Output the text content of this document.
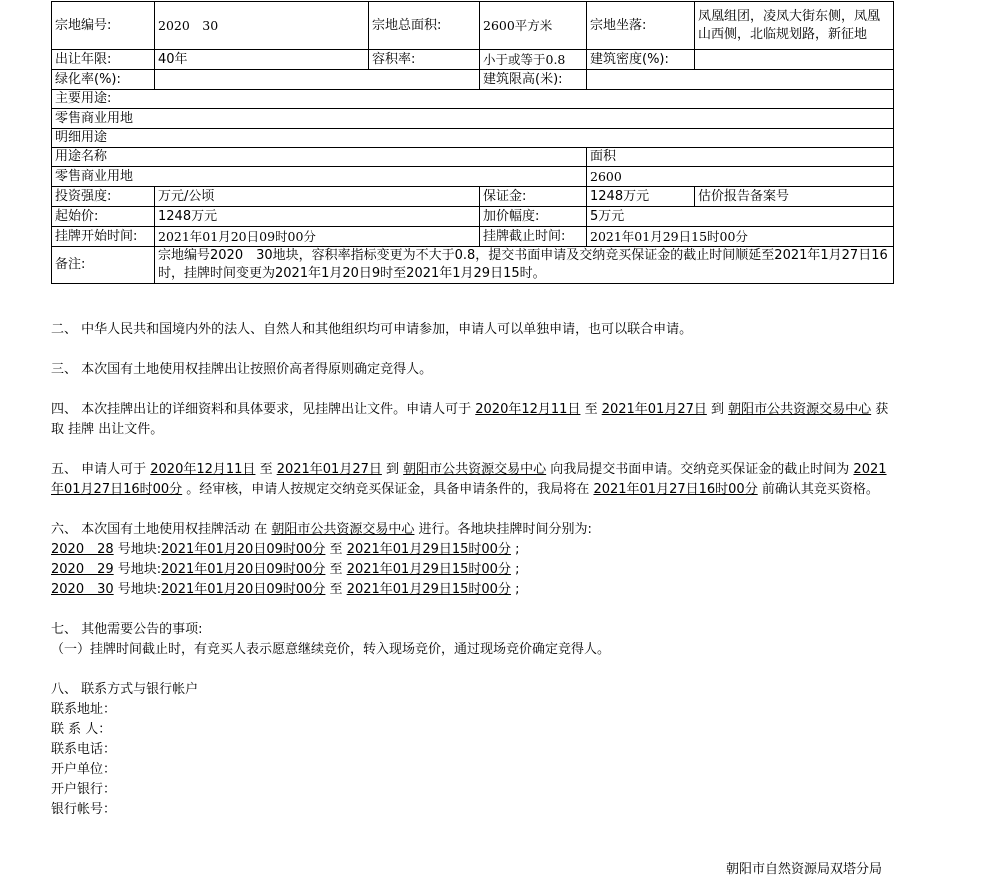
宗地编号:	2020　30	宗地总面积:	2600平方米	宗地坐落:	凤凰组团，凌凤大街东侧，凤凰山西侧，北临规划路，新征地
出让年限:	40年	容积率:	小于或等于0.8	建筑密度(%):	
绿化率(%):			建筑限高(米):		
主要用途:					
零售商业用地					
明细用途					
用途名称				面积	
零售商业用地				2600	
投资强度:	万元/公顷		保证金:	1248万元	估价报告备案号
起始价:	1248万元		加价幅度:	5万元	
挂牌开始时间:	2021年01月20日09时00分		挂牌截止时间:	2021年01月29日15时00分	
备注:	宗地编号2020　30地块，容积率指标变更为不大于0.8，提交书面申请及交纳竞买保证金的截止时间顺延至2021年1月27日16时，挂牌时间变更为2021年1月20日9时至2021年1月29日15时。				

二、 中华人民共和国境内外的法人、自然人和其他组织均可申请参加，申请人可以单独申请，也可以联合申请。

三、 本次国有土地使用权挂牌出让按照价高者得原则确定竞得人。

四、 本次挂牌出让的详细资料和具体要求，见挂牌出让文件。申请人可于 2020年12月11日 至 2021年01月27日 到 朝阳市公共资源交易中心 获取 挂牌 出让文件。

五、 申请人可于 2020年12月11日 至 2021年01月27日 到 朝阳市公共资源交易中心 向我局提交书面申请。交纳竞买保证金的截止时间为 2021年01月27日16时00分 。经审核，申请人按规定交纳竞买保证金，具备申请条件的，我局将在 2021年01月27日16时00分 前确认其竞买资格。

六、 本次国有土地使用权挂牌活动 在 朝阳市公共资源交易中心 进行。各地块挂牌时间分别为:

2020　28 号地块:2021年01月20日09时00分 至 2021年01月29日15时00分 ;

2020　29 号地块:2021年01月20日09时00分 至 2021年01月29日15时00分 ;

2020　30 号地块:2021年01月20日09时00分 至 2021年01月29日15时00分 ;

七、 其他需要公告的事项:

（一）挂牌时间截止时，有竞买人表示愿意继续竞价，转入现场竞价，通过现场竞价确定竞得人。

八、 联系方式与银行帐户

联系地址：

联 系 人：

联系电话：

开户单位：

开户银行：

银行帐号：

朝阳市自然资源局双塔分局
